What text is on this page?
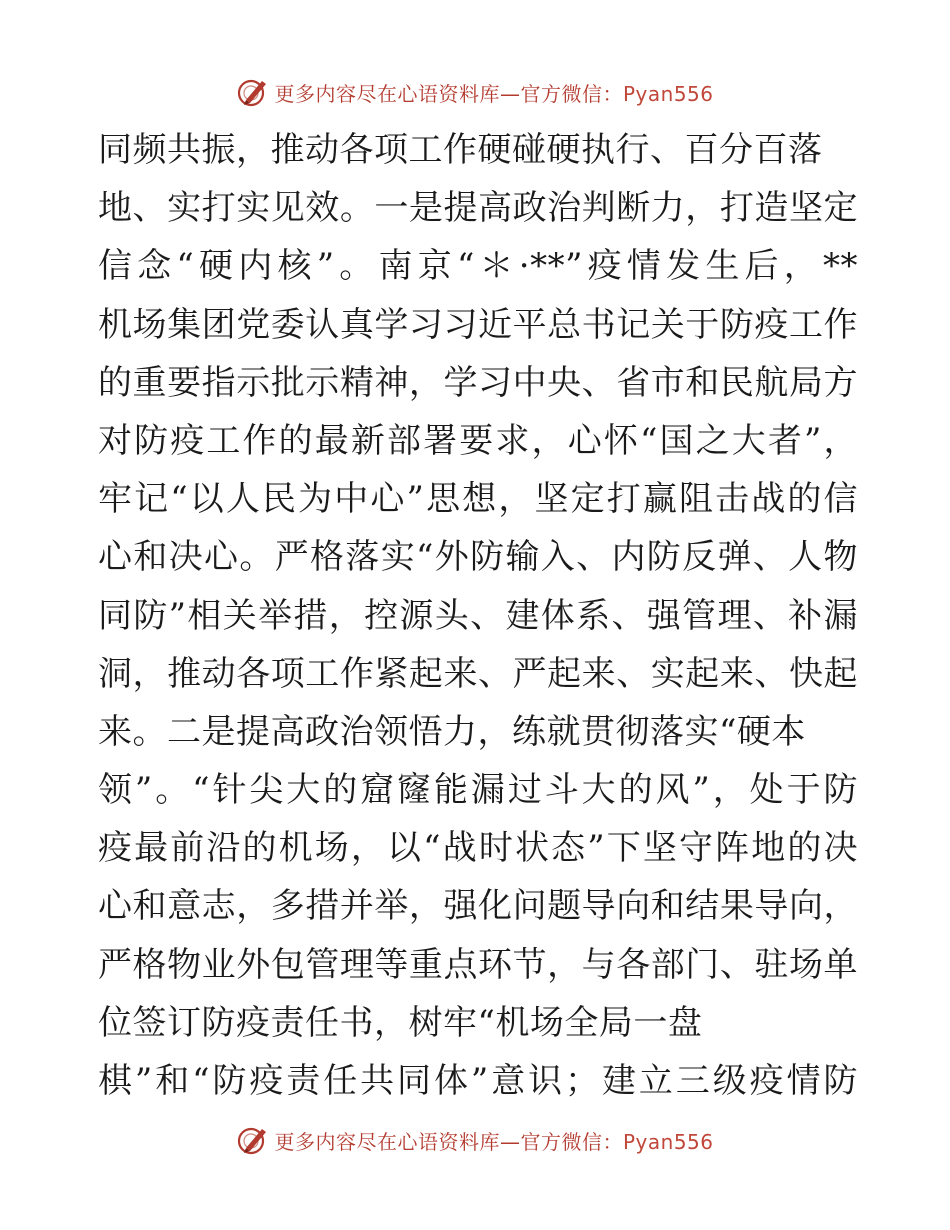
更多内容尽在心语资料库—官方微信：Pyan556
同频共振，推动各项工作硬碰硬执行、百分百落
地、实打实见效。一是提高政治判断力，打造坚定
信念“硬内核”。南京“＊·**”疫情发生后，**
机场集团党委认真学习习近平总书记关于防疫工作
的重要指示批示精神，学习中央、省市和民航局方
对防疫工作的最新部署要求，心怀“国之大者”，
牢记“以人民为中心”思想，坚定打赢阻击战的信
心和决心。严格落实“外防输入、内防反弹、人物
同防”相关举措，控源头、建体系、强管理、补漏
洞，推动各项工作紧起来、严起来、实起来、快起
来。二是提高政治领悟力，练就贯彻落实“硬本
领”。“针尖大的窟窿能漏过斗大的风”，处于防
疫最前沿的机场，以“战时状态”下坚守阵地的决
心和意志，多措并举，强化问题导向和结果导向，
严格物业外包管理等重点环节，与各部门、驻场单
位签订防疫责任书，树牢“机场全局一盘
棋”和“防疫责任共同体”意识；建立三级疫情防
更多内容尽在心语资料库—官方微信：Pyan556
